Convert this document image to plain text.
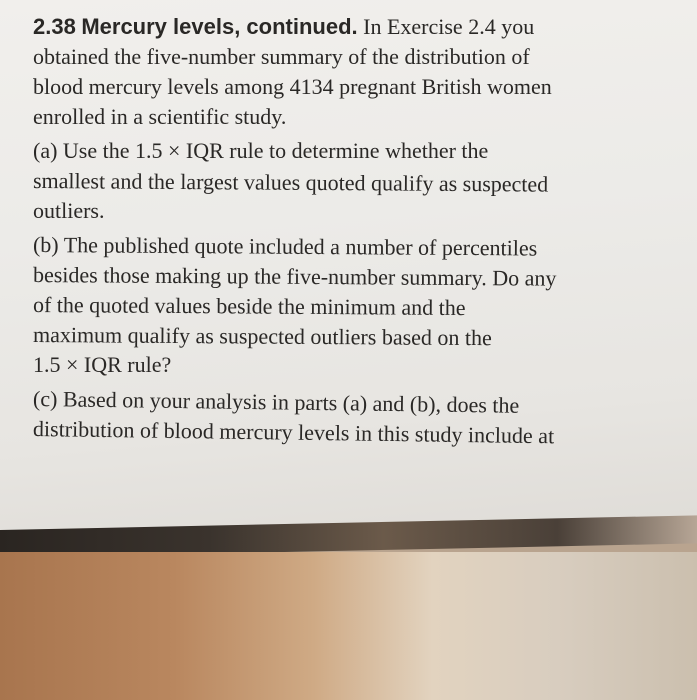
2.38 Mercury levels, continued. In Exercise 2.4 you
obtained the five-number summary of the distribution of
blood mercury levels among 4134 pregnant British women
enrolled in a scientific study.
(a) Use the 1.5 × IQR rule to determine whether the
smallest and the largest values quoted qualify as suspected
outliers.
(b) The published quote included a number of percentiles
besides those making up the five-number summary. Do any
of the quoted values beside the minimum and the
maximum qualify as suspected outliers based on the
1.5 × IQR rule?
(c) Based on your analysis in parts (a) and (b), does the
distribution of blood mercury levels in this study include at
